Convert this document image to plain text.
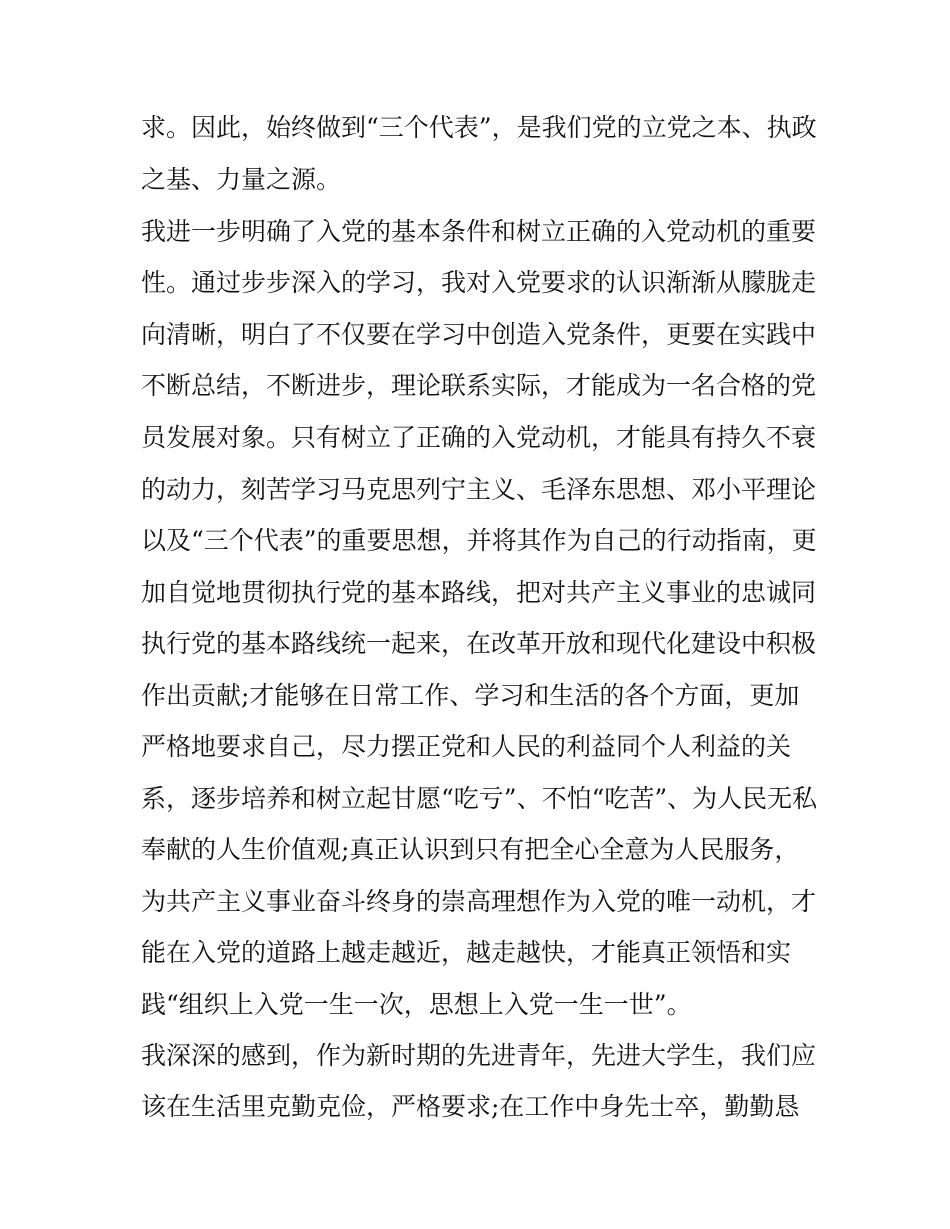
求。因此，始终做到“三个代表”，是我们党的立党之本、执政
之基、力量之源。
我进一步明确了入党的基本条件和树立正确的入党动机的重要
性。通过步步深入的学习，我对入党要求的认识渐渐从朦胧走
向清晰，明白了不仅要在学习中创造入党条件，更要在实践中
不断总结，不断进步，理论联系实际，才能成为一名合格的党
员发展对象。只有树立了正确的入党动机，才能具有持久不衰
的动力，刻苦学习马克思列宁主义、毛泽东思想、邓小平理论
以及“三个代表”的重要思想，并将其作为自己的行动指南，更
加自觉地贯彻执行党的基本路线，把对共产主义事业的忠诚同
执行党的基本路线统一起来，在改革开放和现代化建设中积极
作出贡献;才能够在日常工作、学习和生活的各个方面，更加
严格地要求自己，尽力摆正党和人民的利益同个人利益的关
系，逐步培养和树立起甘愿“吃亏”、不怕“吃苦”、为人民无私
奉献的人生价值观;真正认识到只有把全心全意为人民服务，
为共产主义事业奋斗终身的崇高理想作为入党的唯一动机，才
能在入党的道路上越走越近，越走越快，才能真正领悟和实
践“组织上入党一生一次，思想上入党一生一世”。
我深深的感到，作为新时期的先进青年，先进大学生，我们应
该在生活里克勤克俭，严格要求;在工作中身先士卒，勤勤恳
